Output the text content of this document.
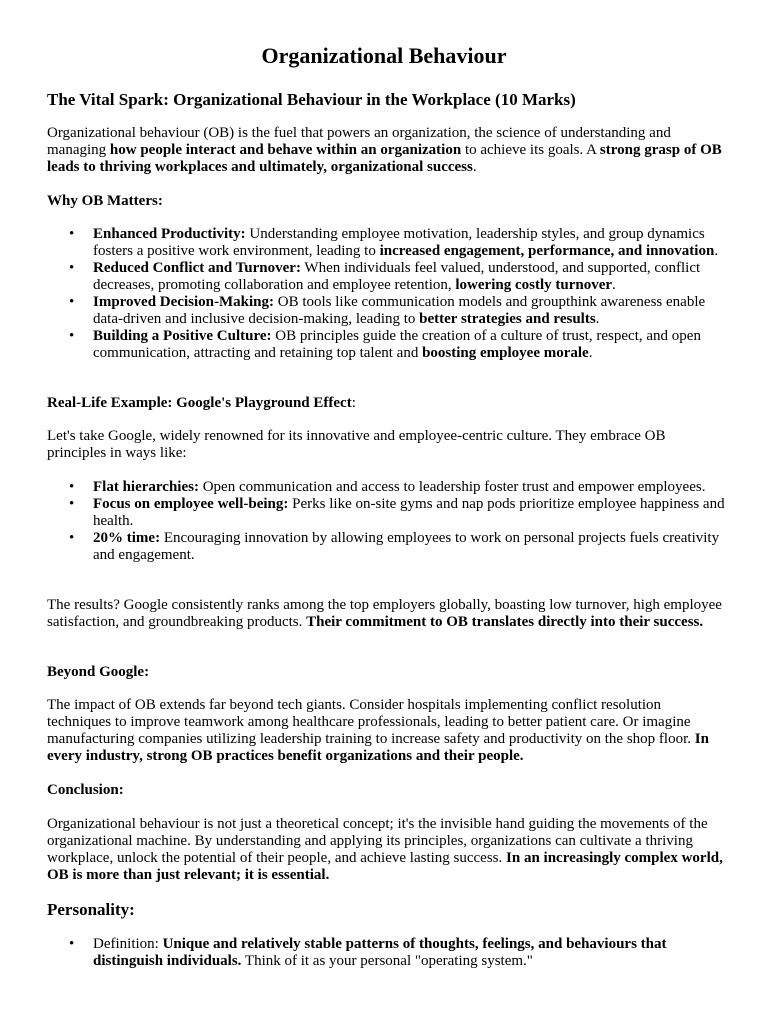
Organizational Behaviour
The Vital Spark: Organizational Behaviour in the Workplace (10 Marks)

Organizational behaviour (OB) is the fuel that powers an organization, the science of understanding and managing how people interact and behave within an organization to achieve its goals. A strong grasp of OB leads to thriving workplaces and ultimately, organizational success.

Why OB Matters:
• Enhanced Productivity: Understanding employee motivation, leadership styles, and group dynamics fosters a positive work environment, leading to increased engagement, performance, and innovation.
• Reduced Conflict and Turnover: When individuals feel valued, understood, and supported, conflict decreases, promoting collaboration and employee retention, lowering costly turnover.
• Improved Decision-Making: OB tools like communication models and groupthink awareness enable data-driven and inclusive decision-making, leading to better strategies and results.
• Building a Positive Culture: OB principles guide the creation of a culture of trust, respect, and open communication, attracting and retaining top talent and boosting employee morale.

Real-Life Example: Google's Playground Effect:

Let's take Google, widely renowned for its innovative and employee-centric culture. They embrace OB principles in ways like:

• Flat hierarchies: Open communication and access to leadership foster trust and empower employees.
• Focus on employee well-being: Perks like on-site gyms and nap pods prioritize employee happiness and health.
• 20% time: Encouraging innovation by allowing employees to work on personal projects fuels creativity and engagement.

The results? Google consistently ranks among the top employers globally, boasting low turnover, high employee satisfaction, and groundbreaking products. Their commitment to OB translates directly into their success.

Beyond Google:

The impact of OB extends far beyond tech giants. Consider hospitals implementing conflict resolution techniques to improve teamwork among healthcare professionals, leading to better patient care. Or imagine manufacturing companies utilizing leadership training to increase safety and productivity on the shop floor. In every industry, strong OB practices benefit organizations and their people.

Conclusion:

Organizational behaviour is not just a theoretical concept; it's the invisible hand guiding the movements of the organizational machine. By understanding and applying its principles, organizations can cultivate a thriving workplace, unlock the potential of their people, and achieve lasting success. In an increasingly complex world, OB is more than just relevant; it is essential.

Personality:
• Definition: Unique and relatively stable patterns of thoughts, feelings, and behaviours that distinguish individuals. Think of it as your personal "operating system."
